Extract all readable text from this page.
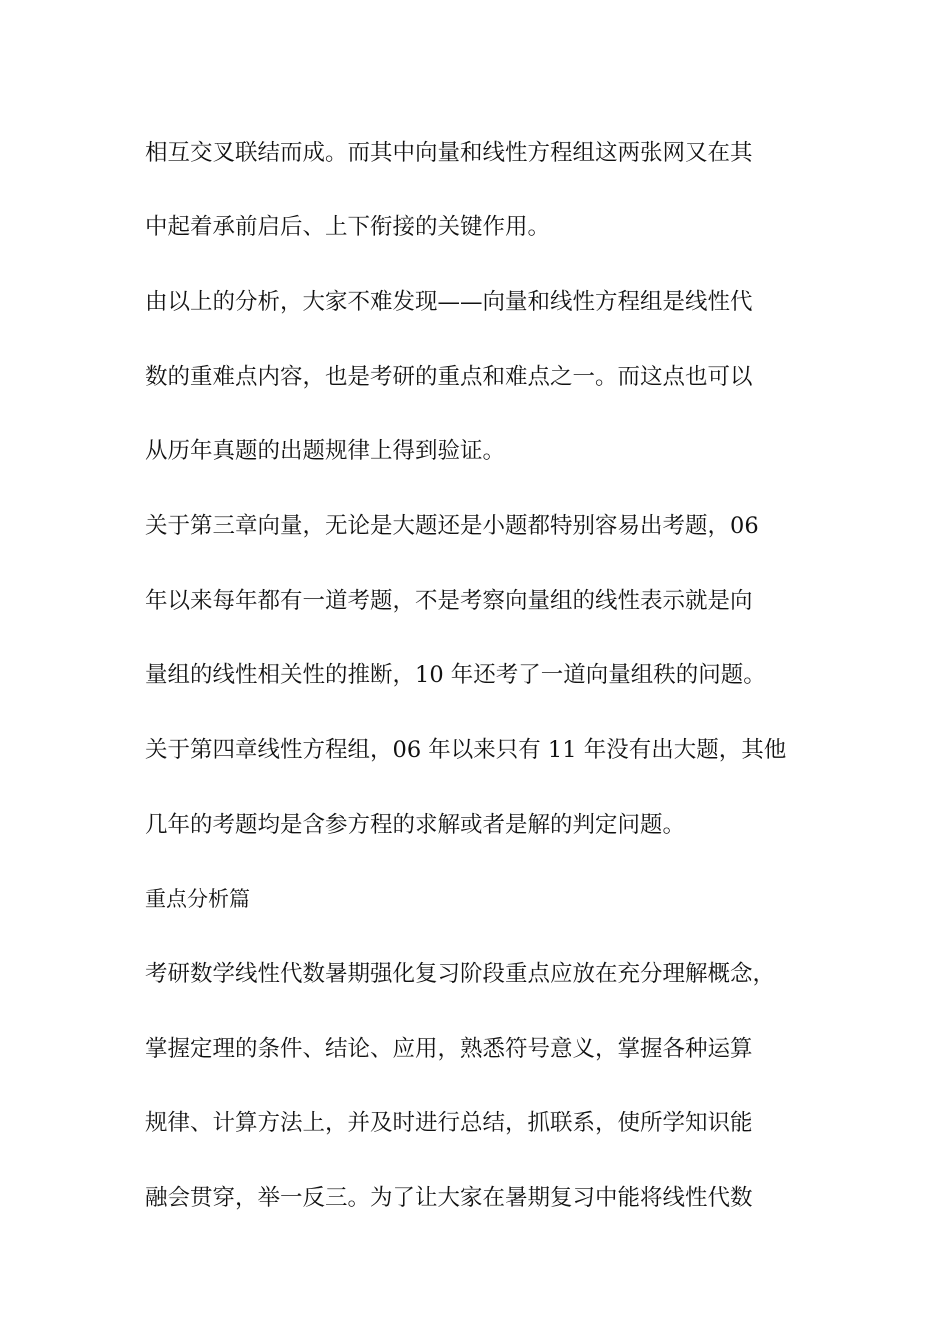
相互交叉联结而成。而其中向量和线性方程组这两张网又在其

中起着承前启后、上下衔接的关键作用。

由以上的分析，大家不难发现——向量和线性方程组是线性代

数的重难点内容，也是考研的重点和难点之一。而这点也可以

从历年真题的出题规律上得到验证。

关于第三章向量，无论是大题还是小题都特别容易出考题，06

年以来每年都有一道考题，不是考察向量组的线性表示就是向

量组的线性相关性的推断，10 年还考了一道向量组秩的问题。

关于第四章线性方程组，06 年以来只有 11 年没有出大题，其他

几年的考题均是含参方程的求解或者是解的判定问题。

重点分析篇

考研数学线性代数暑期强化复习阶段重点应放在充分理解概念，

掌握定理的条件、结论、应用，熟悉符号意义，掌握各种运算

规律、计算方法上，并及时进行总结，抓联系，使所学知识能

融会贯穿，举一反三。为了让大家在暑期复习中能将线性代数
